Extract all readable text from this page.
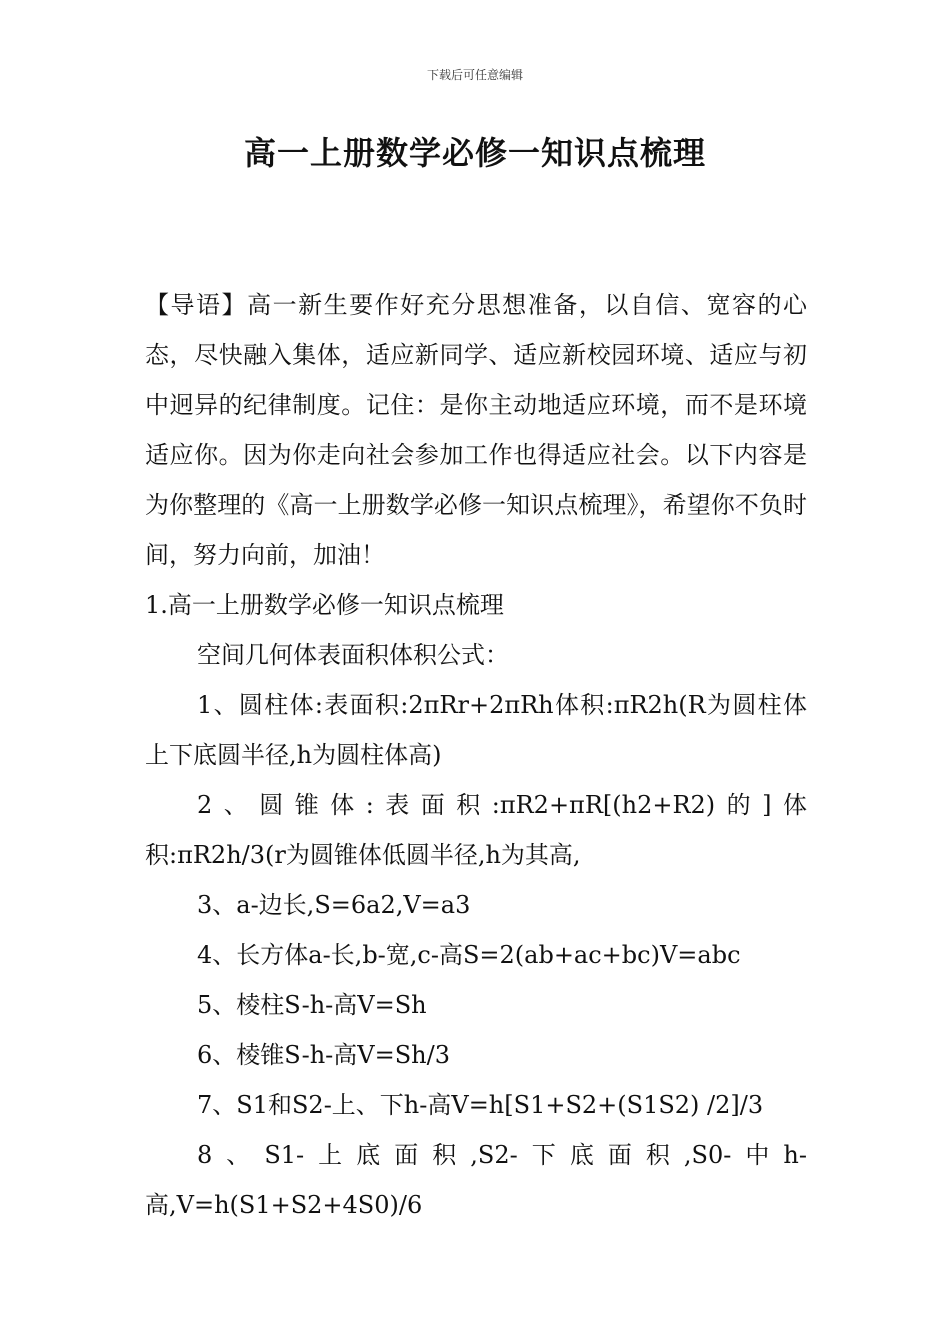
下载后可任意编辑
高一上册数学必修一知识点梳理

【导语】高一新生要作好充分思想准备，以自信、宽容的心态，尽快融入集体，适应新同学、适应新校园环境、适应与初中迥异的纪律制度。记住：是你主动地适应环境，而不是环境适应你。因为你走向社会参加工作也得适应社会。以下内容是为你整理的《高一上册数学必修一知识点梳理》，希望你不负时间，努力向前，加油！

1.高一上册数学必修一知识点梳理

空间几何体表面积体积公式：

1、圆柱体:表面积:2πRr+2πRh体积:πR2h(R为圆柱体上下底圆半径,h为圆柱体高)

2、圆锥体:表面积:πR2+πR[(h2+R2)的]体积:πR2h/3(r为圆锥体低圆半径,h为其高,

3、a-边长,S=6a2,V=a3

4、长方体a-长,b-宽,c-高S=2(ab+ac+bc)V=abc

5、棱柱S-h-高V=Sh

6、棱锥S-h-高V=Sh/3

7、S1和S2-上、下h-高V=h[S1+S2+(S1S2) /2]/3

8、S1-上底面积,S2-下底面积,S0-中h-高,V=h(S1+S2+4S0)/6
